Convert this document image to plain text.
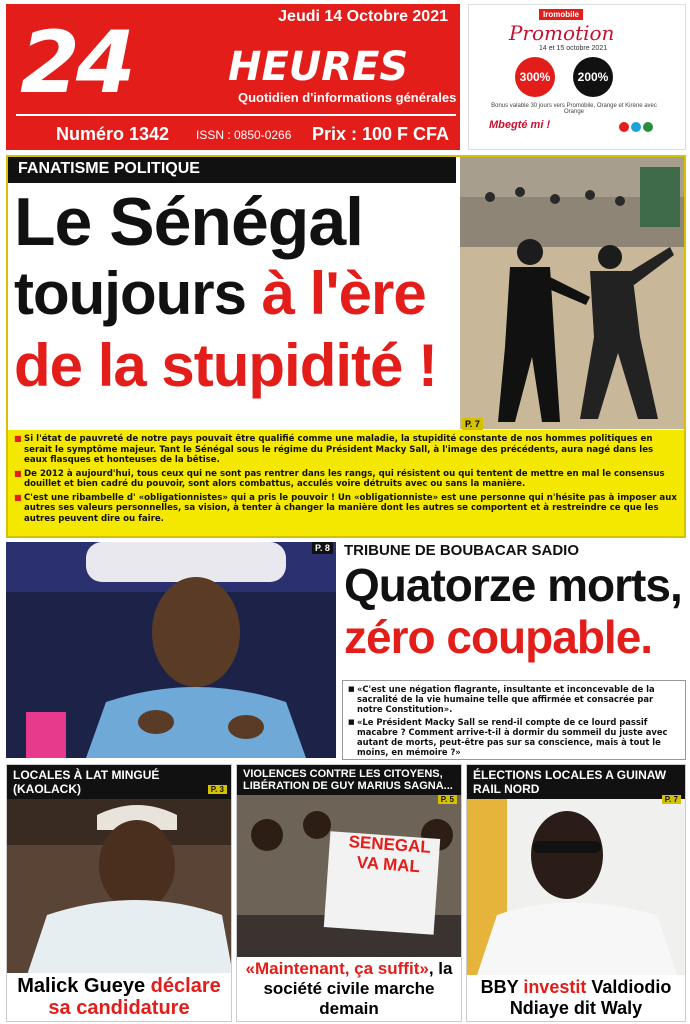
Jeudi 14 Octobre 2021
24 HEURES
Quotidien d'informations générales
Numéro 1342 ISSN : 0850-0266 Prix : 100 F CFA
Iromobile
Promotion
14 et 15 octobre 2021
300%	200%
Bonus valable 30 jours vers Promobile, Orange et Kirène avec Orange
Mbegté mi !
FANATISME POLITIQUE
Le Sénégal
toujours à l'ère
de la stupidité !
P. 7

■ Si l'état de pauvreté de notre pays pouvait être qualifié comme une maladie, la stupidité constante de nos hommes politiques en serait le symptôme majeur. Tant le Sénégal sous le régime du Président Macky Sall, à l'image des précédents, aura nagé dans les eaux flasques et honteuses de la bêtise.

■ De 2012 à aujourd'hui, tous ceux qui ne sont pas rentrer dans les rangs, qui résistent ou qui tentent de mettre en mal le consensus douillet et bien cadré du pouvoir, sont alors combattus, acculés voire détruits avec ou sans la manière.

■ C'est une ribambelle d' «obligationnistes» qui a pris le pouvoir ! Un «obligationniste» est une personne qui n'hésite pas à imposer aux autres ses valeurs personnelles, sa vision, à tenter à changer la manière dont les autres se comportent et à restreindre ce que les autres peuvent dire ou faire.

P. 8 TRIBUNE DE BOUBACAR SADIO
Quatorze morts,
zéro coupable.

■ «C'est une négation flagrante, insultante et inconcevable de la sacralité de la vie humaine telle que affirmée et consacrée par notre Constitution».

■ «Le Président Macky Sall se rend-il compte de ce lourd passif macabre ? Comment arrive-t-il à dormir du sommeil du juste avec autant de morts, peut-être pas sur sa conscience, mais à tout le moins, en mémoire ?»

LOCALES À LAT MINGUÉ (KAOLACK)	P. 3
Malick Gueye déclare
sa candidature
VIOLENCES CONTRE LES CITOYENS, LIBÉRATION DE GUY MARIUS SAGNA...
SENEGAL VA MAL
P. 5
«Maintenant, ça suffit», la société civile marche demain
ÉLECTIONS LOCALES A GUINAW RAIL NORD
P. 7
BBY investit Valdiodio Ndiaye dit Waly
